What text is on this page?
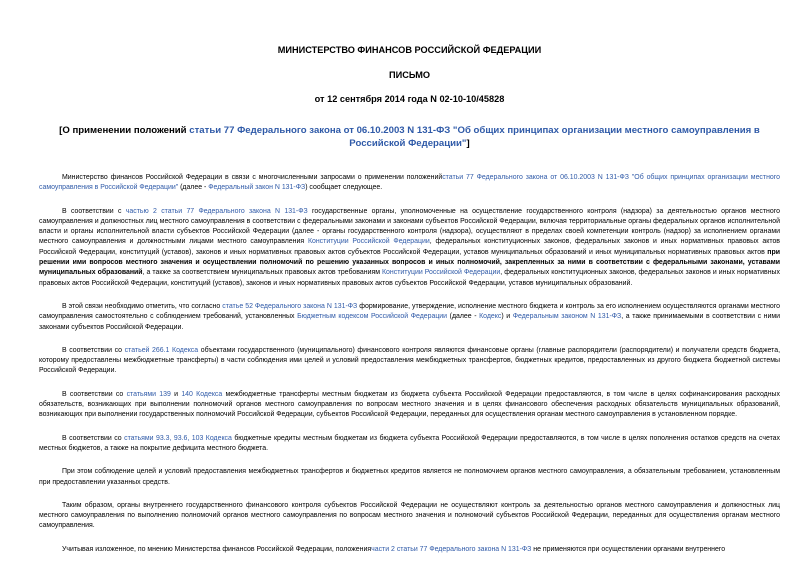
МИНИСТЕРСТВО ФИНАНСОВ РОССИЙСКОЙ ФЕДЕРАЦИИ
ПИСЬМО
от 12 сентября 2014 года N 02-10-10/45828
[О применении положений статьи 77 Федерального закона от 06.10.2003 N 131-ФЗ "Об общих принципах организации местного самоуправления в Российской Федерации"]

Министерство финансов Российской Федерации в связи с многочисленными запросами о применении положенийстатьи 77 Федерального закона от 06.10.2003 N 131-ФЗ "Об общих принципах организации местного самоуправления в Российской Федерации" (далее - Федеральный закон N 131-ФЗ) сообщает следующее.

В соответствии с частью 2 статьи 77 Федерального закона N 131-ФЗ государственные органы, уполномоченные на осуществление государственного контроля (надзора) за деятельностью органов местного самоуправления и должностных лиц местного самоуправления в соответствии с федеральными законами и законами субъектов Российской Федерации, включая территориальные органы федеральных органов исполнительной власти и органы исполнительной власти субъектов Российской Федерации (далее - органы государственного контроля (надзора), осуществляют в пределах своей компетенции контроль (надзор) за исполнением органами местного самоуправления и должностными лицами местного самоуправления Конституции Российской Федерации, федеральных конституционных законов, федеральных законов и иных нормативных правовых актов Российской Федерации, конституций (уставов), законов и иных нормативных правовых актов субъектов Российской Федерации, уставов муниципальных образований и иных муниципальных нормативных правовых актов при решении ими вопросов местного значения и осуществлении полномочий по решению указанных вопросов и иных полномочий, закрепленных за ними в соответствии с федеральными законами, уставами муниципальных образований, а также за соответствием муниципальных правовых актов требованиям Конституции Российской Федерации, федеральных конституционных законов, федеральных законов и иных нормативных правовых актов Российской Федерации, конституций (уставов), законов и иных нормативных правовых актов субъектов Российской Федерации, уставов муниципальных образований.

В этой связи необходимо отметить, что согласно статье 52 Федерального закона N 131-ФЗ формирование, утверждение, исполнение местного бюджета и контроль за его исполнением осуществляются органами местного самоуправления самостоятельно с соблюдением требований, установленных Бюджетным кодексом Российской Федерации (далее - Кодекс) и Федеральным законом N 131-ФЗ, а также принимаемыми в соответствии с ними законами субъектов Российской Федерации.

В соответствии со статьей 266.1 Кодекса объектами государственного (муниципального) финансового контроля являются финансовые органы (главные распорядители (распорядители) и получатели средств бюджета, которому предоставлены межбюджетные трансферты) в части соблюдения ими целей и условий предоставления межбюджетных трансфертов, бюджетных кредитов, предоставленных из другого бюджета бюджетной системы Российской Федерации.

В соответствии со статьями 139 и 140 Кодекса межбюджетные трансферты местным бюджетам из бюджета субъекта Российской Федерации предоставляются, в том числе в целях софинансирования расходных обязательств, возникающих при выполнении полномочий органов местного самоуправления по вопросам местного значения и в целях финансового обеспечения расходных обязательств муниципальных образований, возникающих при выполнении государственных полномочий Российской Федерации, субъектов Российской Федерации, переданных для осуществления органам местного самоуправления в установленном порядке.

В соответствии со статьями 93.3, 93.6, 103 Кодекса бюджетные кредиты местным бюджетам из бюджета субъекта Российской Федерации предоставляются, в том числе в целях пополнения остатков средств на счетах местных бюджетов, а также на покрытие дефицита местного бюджета.

При этом соблюдение целей и условий предоставления межбюджетных трансфертов и бюджетных кредитов является не полномочием органов местного самоуправления, а обязательным требованием, установленным при предоставлении указанных средств.

Таким образом, органы внутреннего государственного финансового контроля субъектов Российской Федерации не осуществляют контроль за деятельностью органов местного самоуправления и должностных лиц местного самоуправления по выполнению полномочий органов местного самоуправления по вопросам местного значения и полномочий субъектов Российской Федерации, переданных для осуществления органам местного самоуправления.

Учитывая изложенное, по мнению Министерства финансов Российской Федерации, положениячасти 2 статьи 77 Федерального закона N 131-ФЗ не применяются при осуществлении органами внутреннего
